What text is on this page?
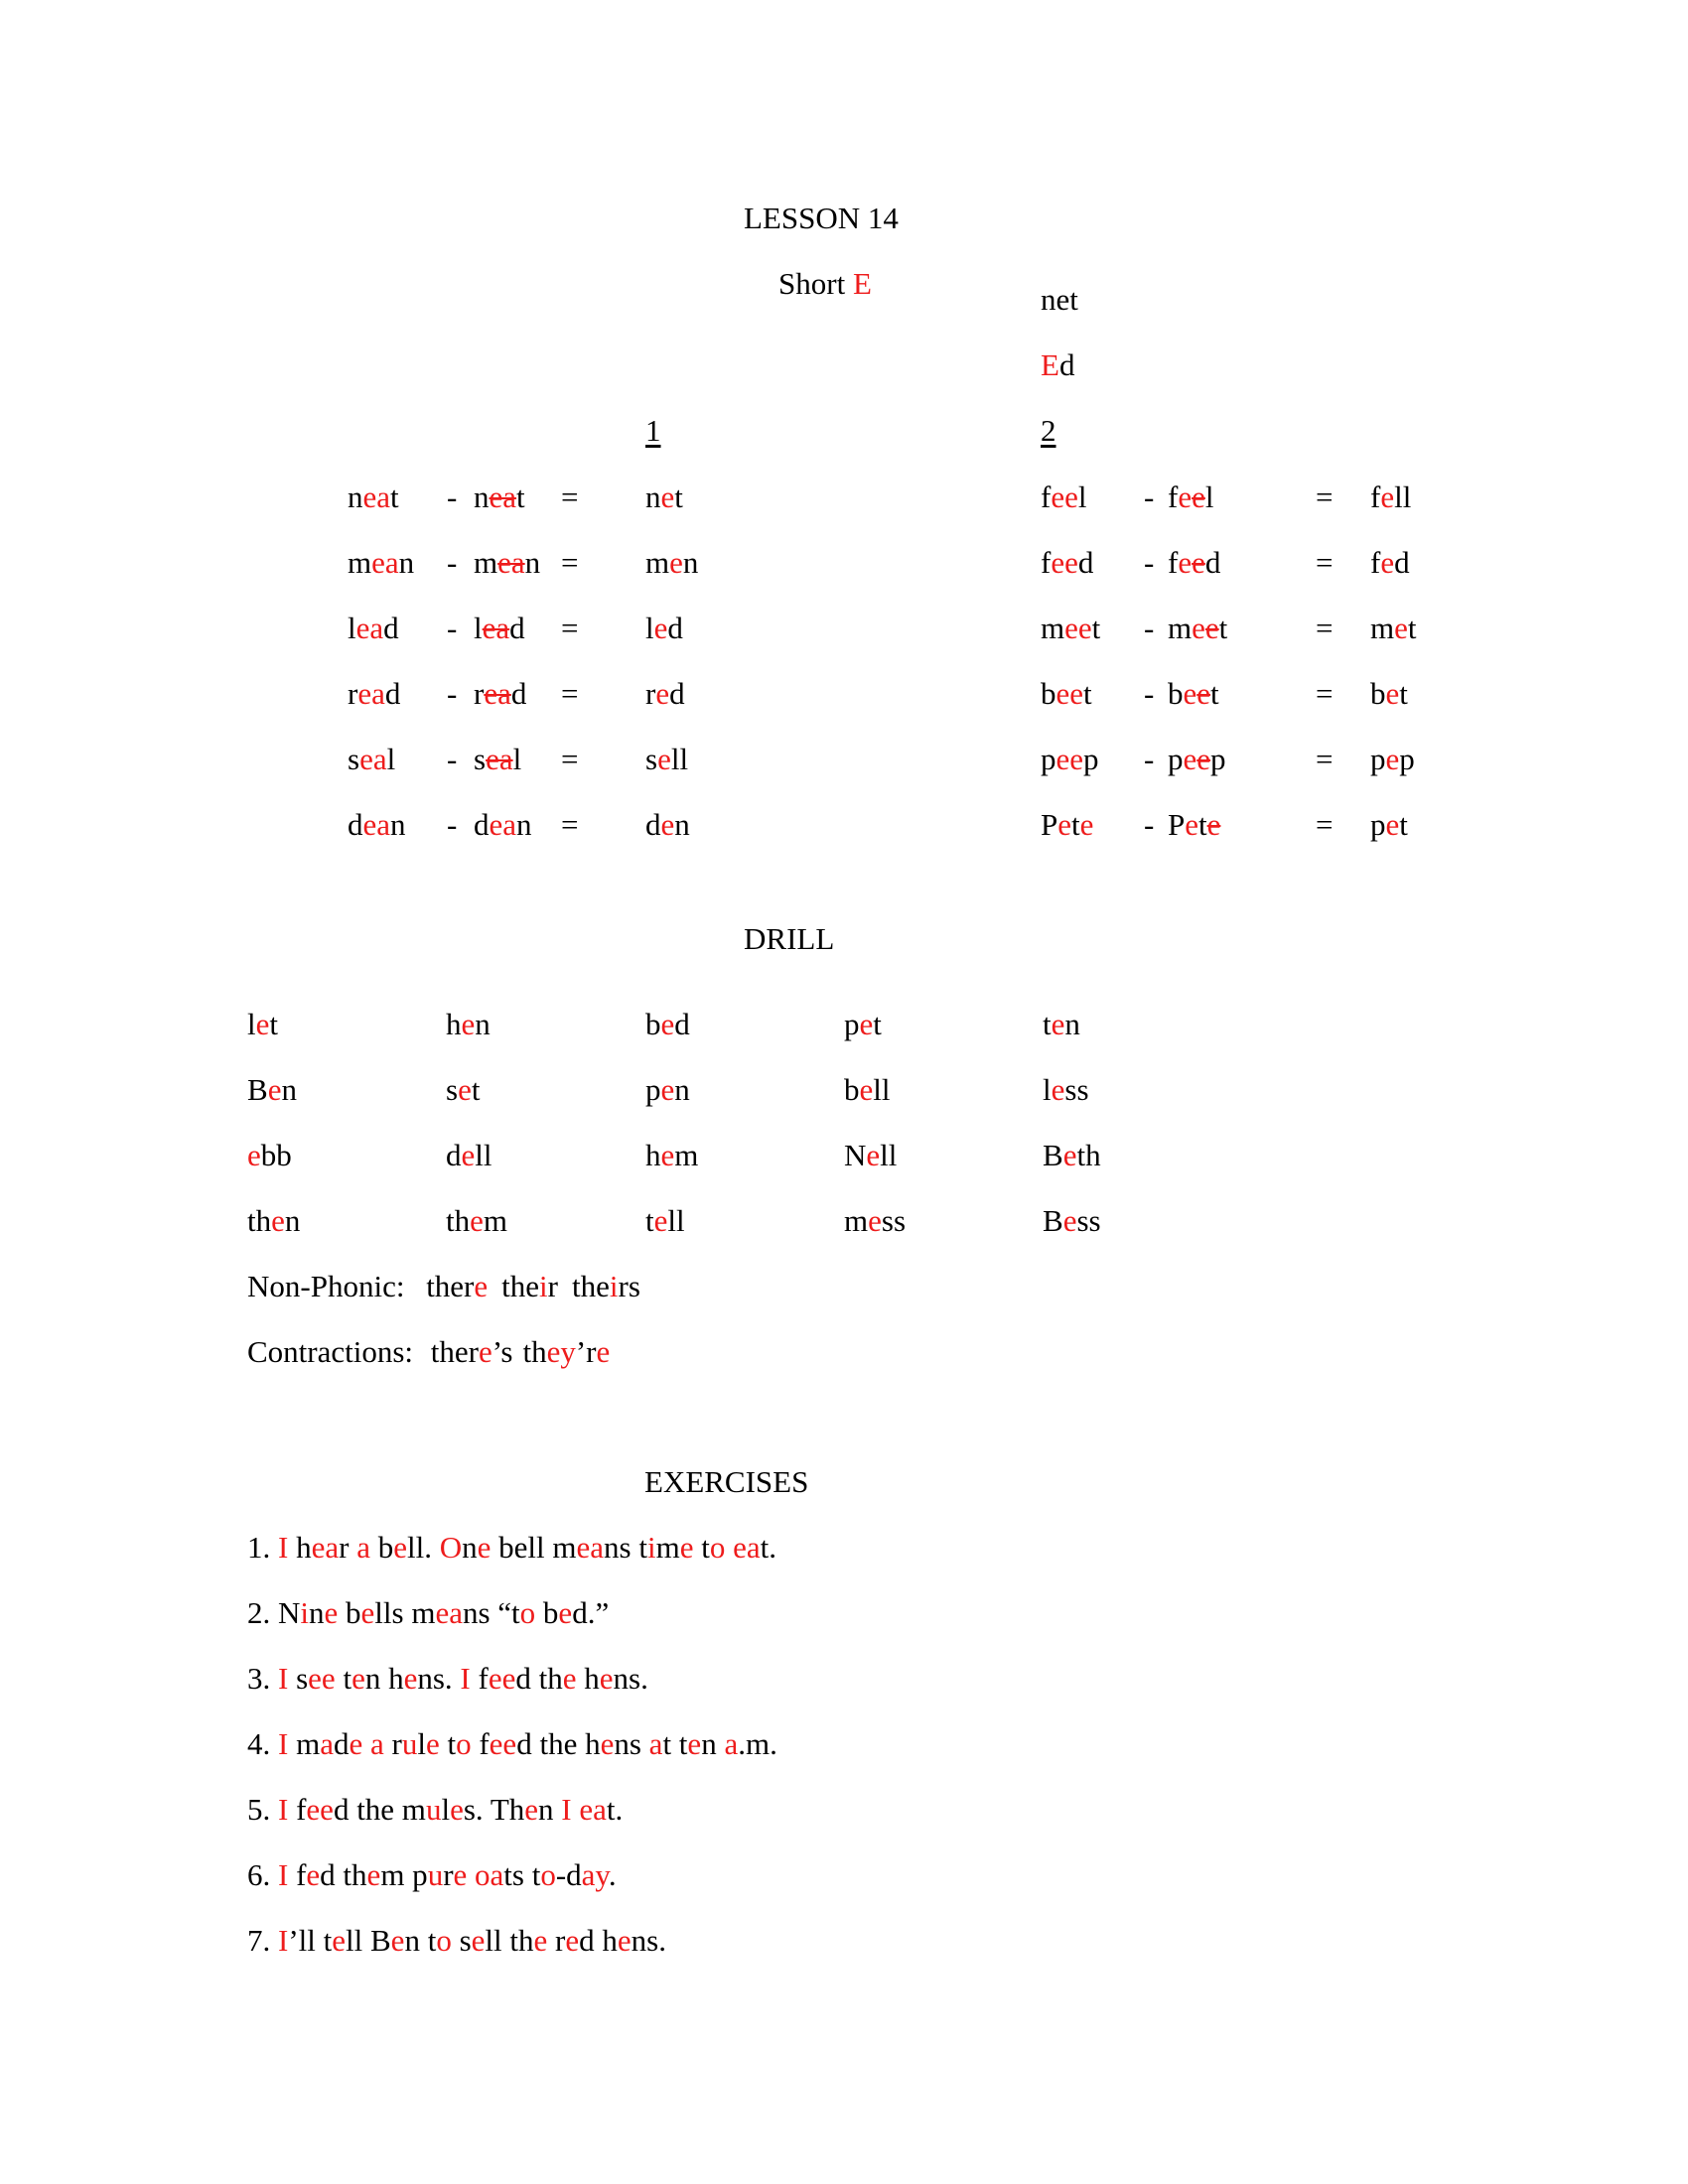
LESSON 14
Short E	net
Ed
1	2
neat - neat = net
mean - mean = men
lead - lead = led
read - read = red
seal - seal = sell
dean - dean = den
feel - feel	= fell
feed - feed	= fed
meet - meet	= met
beet - beet	= bet
peep - peep	= pep
Pete - Pete	= pet
DRILL
let	hen	bed	pet	ten
Ben	set	pen	bell	less
ebb	dell	hem	Nell	Beth
then	them	tell	mess	Bess
Non-Phonic: there their theirs
Contractions: there’s they’re
EXERCISES
1. I hear a bell. One bell means time to eat.
2. Nine bells means “to bed.”
3. I see ten hens. I feed the hens.
4. I made a rule to feed the hens at ten a.m.
5. I feed the mules. Then I eat.
6. I fed them pure oats to-day.
7. I’ll tell Ben to sell the red hens.
